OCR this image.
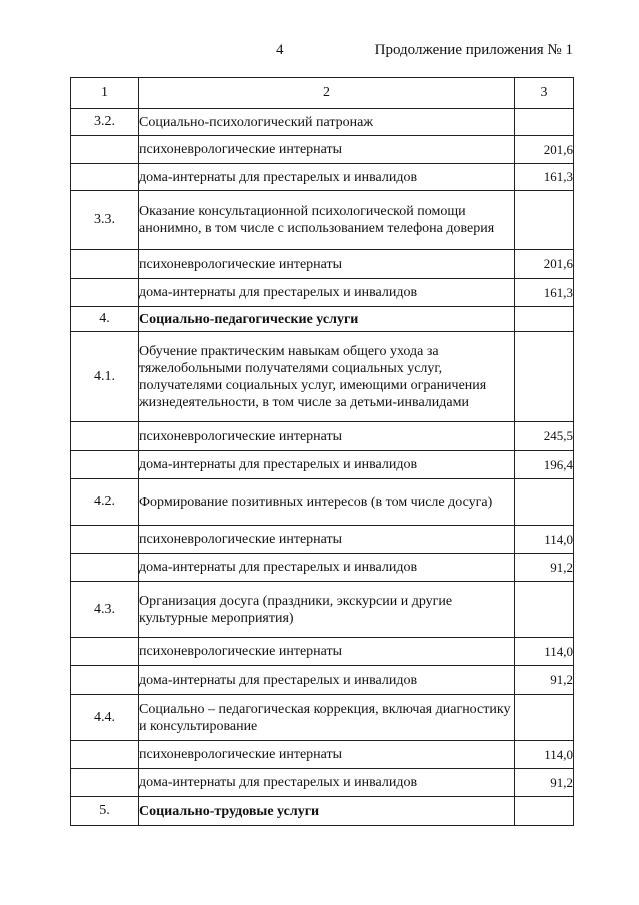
4	Продолжение приложения № 1
1	2	3
3.2.	Социально-психологический патронаж	
	психоневрологические интернаты	201,6
	дома-интернаты для престарелых и инвалидов	161,3
3.3.	Оказание консультационной психологической помощи анонимно, в том числе с использованием телефона доверия	
	психоневрологические интернаты	201,6
	дома-интернаты для престарелых и инвалидов	161,3
4.	Социально-педагогические услуги	
4.1.	Обучение практическим навыкам общего ухода за тяжелобольными получателями социальных услуг, получателями социальных услуг, имеющими ограничения жизнедеятельности, в том числе за детьми-инвалидами	
	психоневрологические интернаты	245,5
	дома-интернаты для престарелых и инвалидов	196,4
4.2.	Формирование позитивных интересов (в том числе досуга)	
	психоневрологические интернаты	114,0
	дома-интернаты для престарелых и инвалидов	91,2
4.3.	Организация досуга (праздники, экскурсии и другие культурные мероприятия)	
	психоневрологические интернаты	114,0
	дома-интернаты для престарелых и инвалидов	91,2
4.4.	Социально – педагогическая коррекция, включая диагностику и консультирование	
	психоневрологические интернаты	114,0
	дома-интернаты для престарелых и инвалидов	91,2
5.	Социально-трудовые услуги	
